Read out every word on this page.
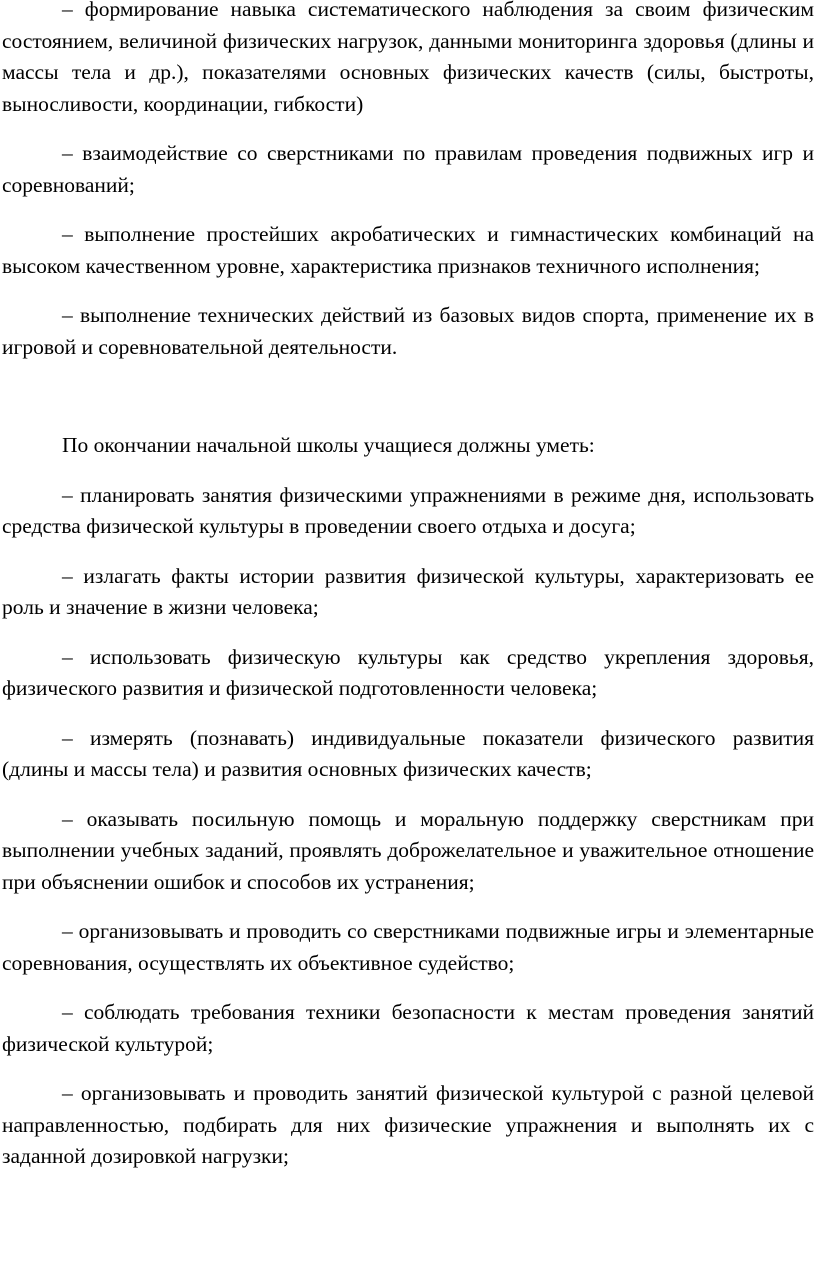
– формирование навыка систематического наблюдения за своим физическим состоянием, величиной физических нагрузок, данными мониторинга здоровья (длины и массы тела и др.), показателями основных физических качеств (силы, быстроты, выносливости, координации, гибкости)

– взаимодействие со сверстниками по правилам проведения подвижных игр и соревнований;

– выполнение простейших акробатических и гимнастических комбинаций на высоком качественном уровне, характеристика признаков техничного исполнения;

– выполнение технических действий из базовых видов спорта, применение их в игровой и соревновательной деятельности.

По окончании начальной школы учащиеся должны уметь:

– планировать занятия физическими упражнениями в режиме дня, использовать средства физической культуры в проведении своего отдыха и досуга;

– излагать факты истории развития физической культуры, характеризовать ее роль и значение в жизни человека;

– использовать физическую культуры как средство укрепления здоровья, физического развития и физической подготовленности человека;

– измерять (познавать) индивидуальные показатели физического развития (длины и массы тела) и развития основных физических качеств;

– оказывать посильную помощь и моральную поддержку сверстникам при выполнении учебных заданий, проявлять доброжелательное и уважительное отношение при объяснении ошибок и способов их устранения;

– организовывать и проводить со сверстниками подвижные игры и элементарные соревнования, осуществлять их объективное судейство;

– соблюдать требования техники безопасности к местам проведения занятий физической культурой;

– организовывать и проводить занятий физической культурой с разной целевой направленностью, подбирать для них физические упражнения и выполнять их с заданной дозировкой нагрузки;
